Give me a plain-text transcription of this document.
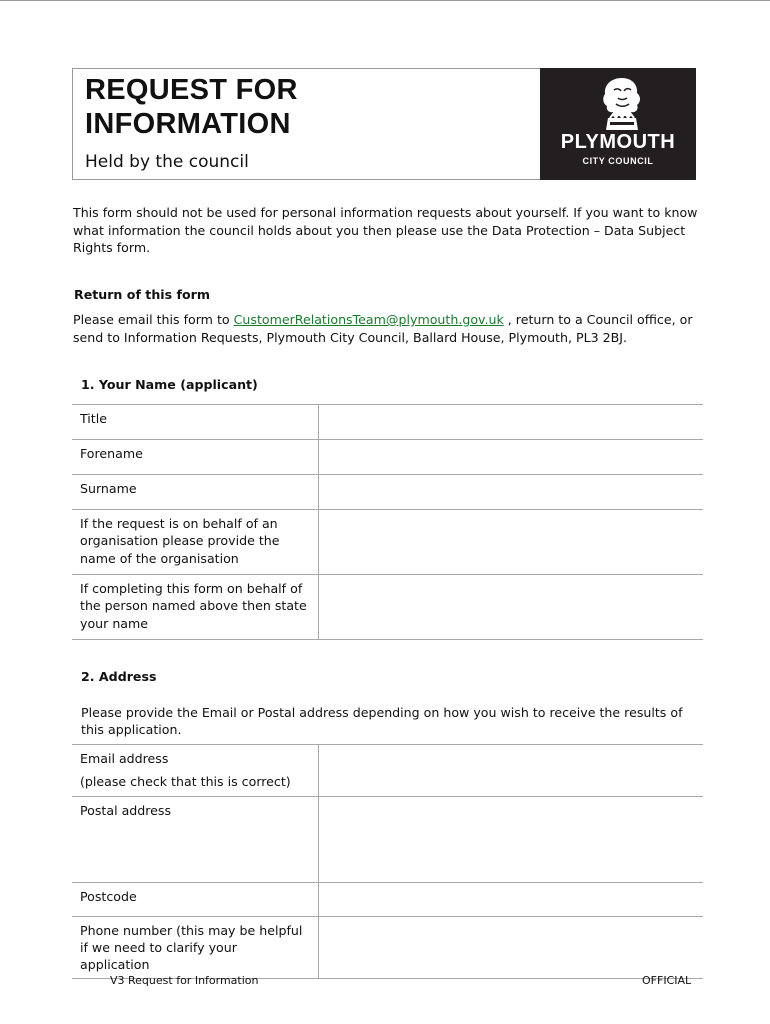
REQUEST FOR
INFORMATION
Held by the council
PLYMOUTH
CITY COUNCIL

This form should not be used for personal information requests about yourself. If you want to know what information the council holds about you then please use the Data Protection – Data Subject Rights form.

Return of this form

Please email this form to CustomerRelationsTeam@plymouth.gov.uk , return to a Council office, or send to Information Requests, Plymouth City Council, Ballard House, Plymouth, PL3 2BJ.

1. Your Name (applicant)
Title	
Forename	
Surname	
If the request is on behalf of an organisation please provide the name of the organisation	
If completing this form on behalf of the person named above then state your name	
2. Address

Please provide the Email or Postal address depending on how you wish to receive the results of this application.

Email address
(please check that this is correct)	

Postal address	
Postcode	
Phone number (this may be helpful if we need to clarify your application	
V3 Request for Information	OFFICIAL
